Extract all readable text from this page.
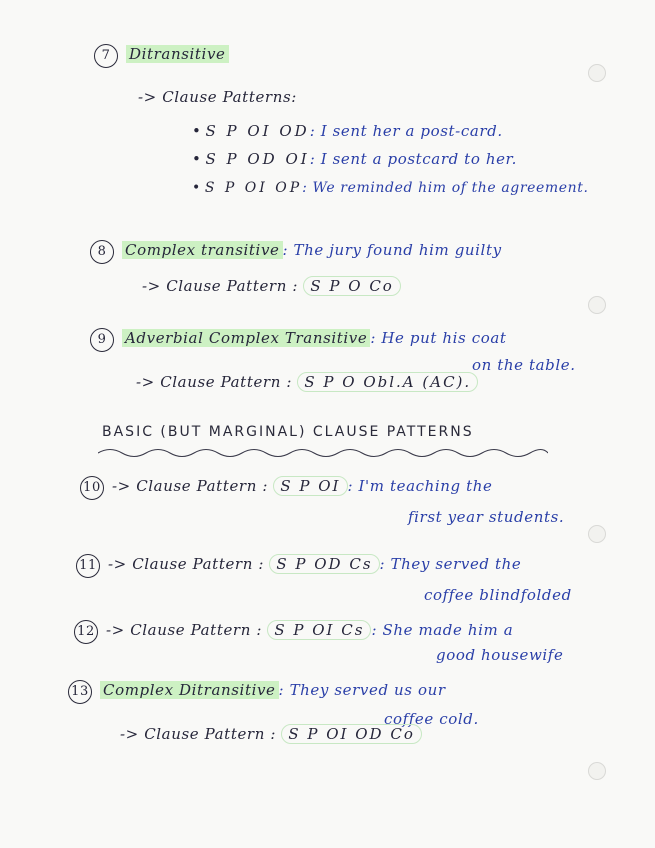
7 Ditransitive
-> Clause Patterns:
• S P OI OD: I sent her a post-card.
• S P OD OI: I sent a postcard to her.
• S P OI OP: We reminded him of the agreement.
8 Complex transitive : The jury found him guilty
-> Clause Pattern : S P O Co
9 Adverbial Complex Transitive : He put his coat
on the table.
-> Clause Pattern : S P O Obl.A (AC).
BASIC (BUT MARGINAL) CLAUSE PATTERNS
10 -> Clause Pattern : S P OI : I'm teaching the
first year students.
11 -> Clause Pattern : S P OD Cs : They served the
coffee blindfolded
12 -> Clause Pattern : S P OI Cs : She made him a
good housewife
13 Complex Ditransitive : They served us our
coffee cold.
-> Clause Pattern : S P OI OD Co
